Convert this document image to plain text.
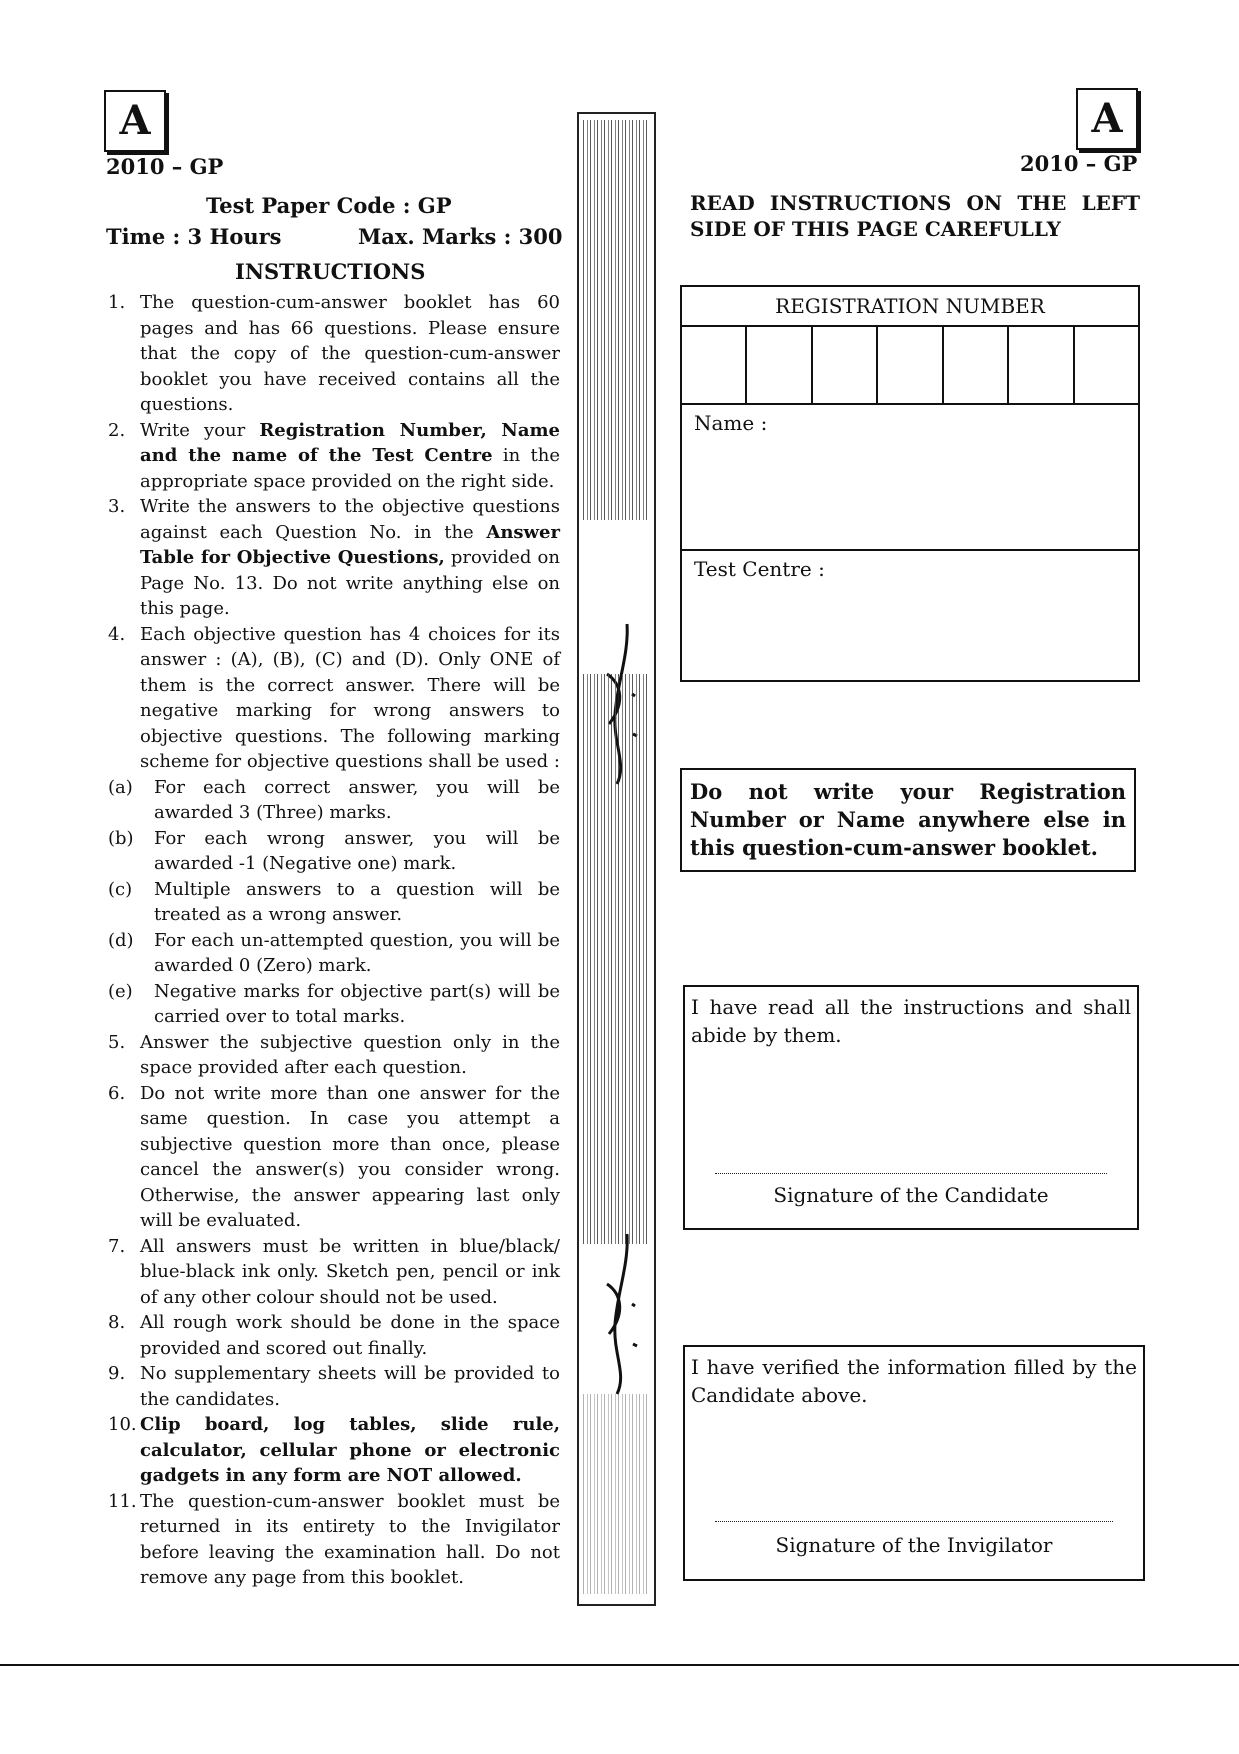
A
2010 – GP
Test Paper Code : GP
Time : 3 Hours	Max. Marks : 300
INSTRUCTIONS
1. The question-cum-answer booklet has 60 pages and has 66 questions. Please ensure that the copy of the question-cum-answer booklet you have received contains all the questions.
2. Write your Registration Number, Name and the name of the Test Centre in the appropriate space provided on the right side.
3. Write the answers to the objective questions against each Question No. in the Answer Table for Objective Questions, provided on Page No. 13. Do not write anything else on this page.
4. Each objective question has 4 choices for its answer : (A), (B), (C) and (D). Only ONE of them is the correct answer. There will be negative marking for wrong answers to objective questions. The following marking scheme for objective questions shall be used :
(a) For each correct answer, you will be awarded 3 (Three) marks.
(b) For each wrong answer, you will be awarded -1 (Negative one) mark.
(c) Multiple answers to a question will be treated as a wrong answer.
(d) For each un-attempted question, you will be awarded 0 (Zero) mark.
(e) Negative marks for objective part(s) will be carried over to total marks.
5. Answer the subjective question only in the space provided after each question.
6. Do not write more than one answer for the same question. In case you attempt a subjective question more than once, please cancel the answer(s) you consider wrong. Otherwise, the answer appearing last only will be evaluated.
7. All answers must be written in blue/black/ blue-black ink only. Sketch pen, pencil or ink of any other colour should not be used.
8. All rough work should be done in the space provided and scored out finally.
9. No supplementary sheets will be provided to the candidates.
10. Clip board, log tables, slide rule, calculator, cellular phone or electronic gadgets in any form are NOT allowed.
11. The question-cum-answer booklet must be returned in its entirety to the Invigilator before leaving the examination hall. Do not remove any page from this booklet.
A
2010 – GP
READ INSTRUCTIONS ON THE LEFT SIDE OF THIS PAGE CAREFULLY
REGISTRATION NUMBER
Name :
Test Centre :
Do not write your Registration Number or Name anywhere else in this question-cum-answer booklet.
I have read all the instructions and shall abide by them.
Signature of the Candidate
I have verified the information filled by the Candidate above.
Signature of the Invigilator
